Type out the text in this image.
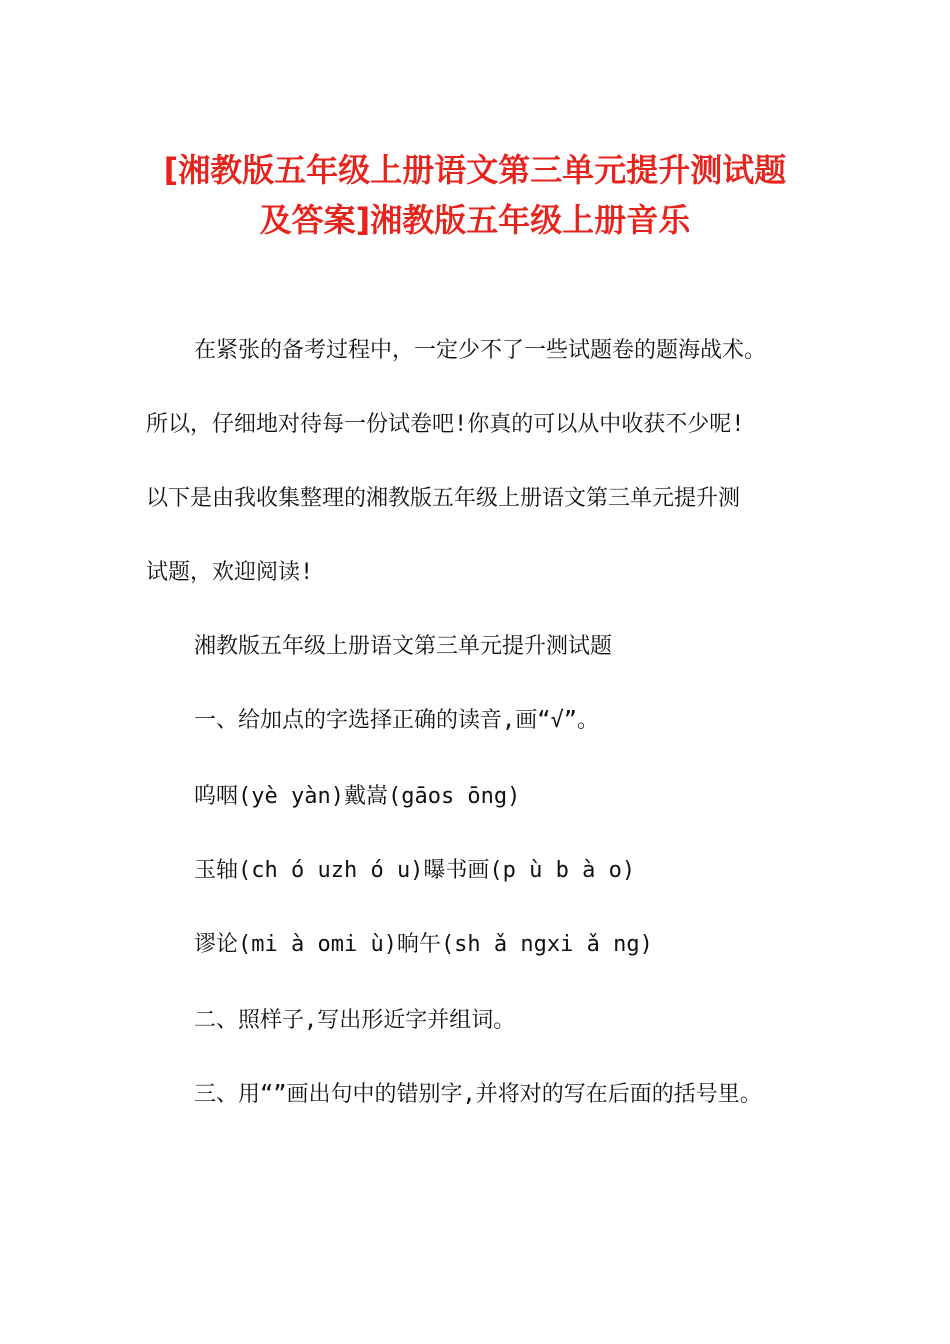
[湘教版五年级上册语文第三单元提升测试题
及答案]湘教版五年级上册音乐
在紧张的备考过程中，一定少不了一些试题卷的题海战术。
所以，仔细地对待每一份试卷吧!你真的可以从中收获不少呢!
以下是由我收集整理的湘教版五年级上册语文第三单元提升测
试题，欢迎阅读!
湘教版五年级上册语文第三单元提升测试题
一、给加点的字选择正确的读音,画“√”。
呜咽(yè yàn)戴嵩(gāos ōng)
玉轴(ch ó uzh ó u)曝书画(p ù b à o)
谬论(mi à omi ù)晌午(sh ǎ ngxi ǎ ng)
二、照样子,写出形近字并组词。
三、用“”画出句中的错别字,并将对的写在后面的括号里。
